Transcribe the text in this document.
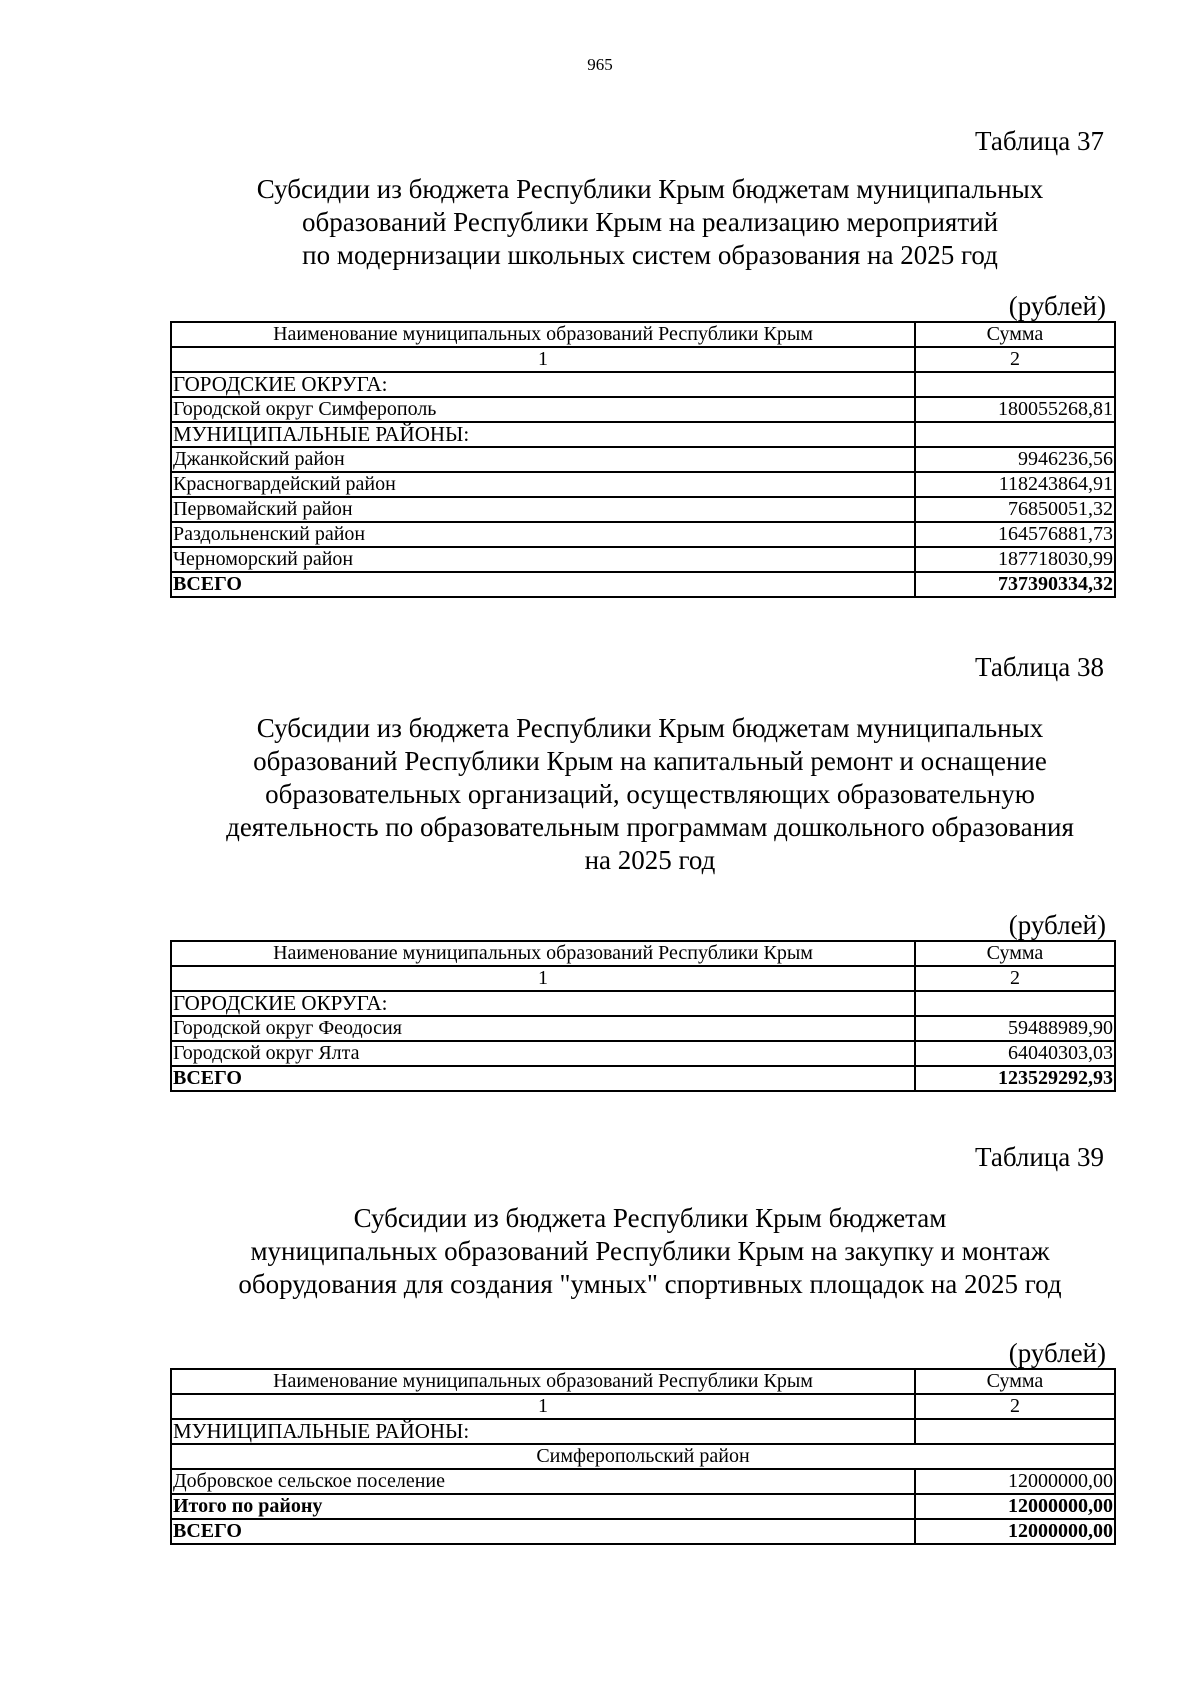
965
Таблица 37
Субсидии из бюджета Республики Крым бюджетам муниципальных
образований Республики Крым на реализацию мероприятий
по модернизации школьных систем образования на 2025 год
(рублей)
Наименование муниципальных образований Республики Крым	Сумма
1	2
ГОРОДСКИЕ ОКРУГА:	
Городской округ Симферополь	180055268,81
МУНИЦИПАЛЬНЫЕ РАЙОНЫ:	
Джанкойский район	9946236,56
Красногвардейский район	118243864,91
Первомайский район	76850051,32
Раздольненский район	164576881,73
Черноморский район	187718030,99
ВСЕГО	737390334,32
Таблица 38
Субсидии из бюджета Республики Крым бюджетам муниципальных
образований Республики Крым на капитальный ремонт и оснащение
образовательных организаций, осуществляющих образовательную
деятельность по образовательным программам дошкольного образования
на 2025 год
(рублей)
Наименование муниципальных образований Республики Крым	Сумма
1	2
ГОРОДСКИЕ ОКРУГА:	
Городской округ Феодосия	59488989,90
Городской округ Ялта	64040303,03
ВСЕГО	123529292,93
Таблица 39
Субсидии из бюджета Республики Крым бюджетам
муниципальных образований Республики Крым на закупку и монтаж
оборудования для создания "умных" спортивных площадок на 2025 год
(рублей)
Наименование муниципальных образований Республики Крым	Сумма
1	2
МУНИЦИПАЛЬНЫЕ РАЙОНЫ:	
Симферопольский район	
Добровское сельское поселение	12000000,00
Итого по району	12000000,00
ВСЕГО	12000000,00
